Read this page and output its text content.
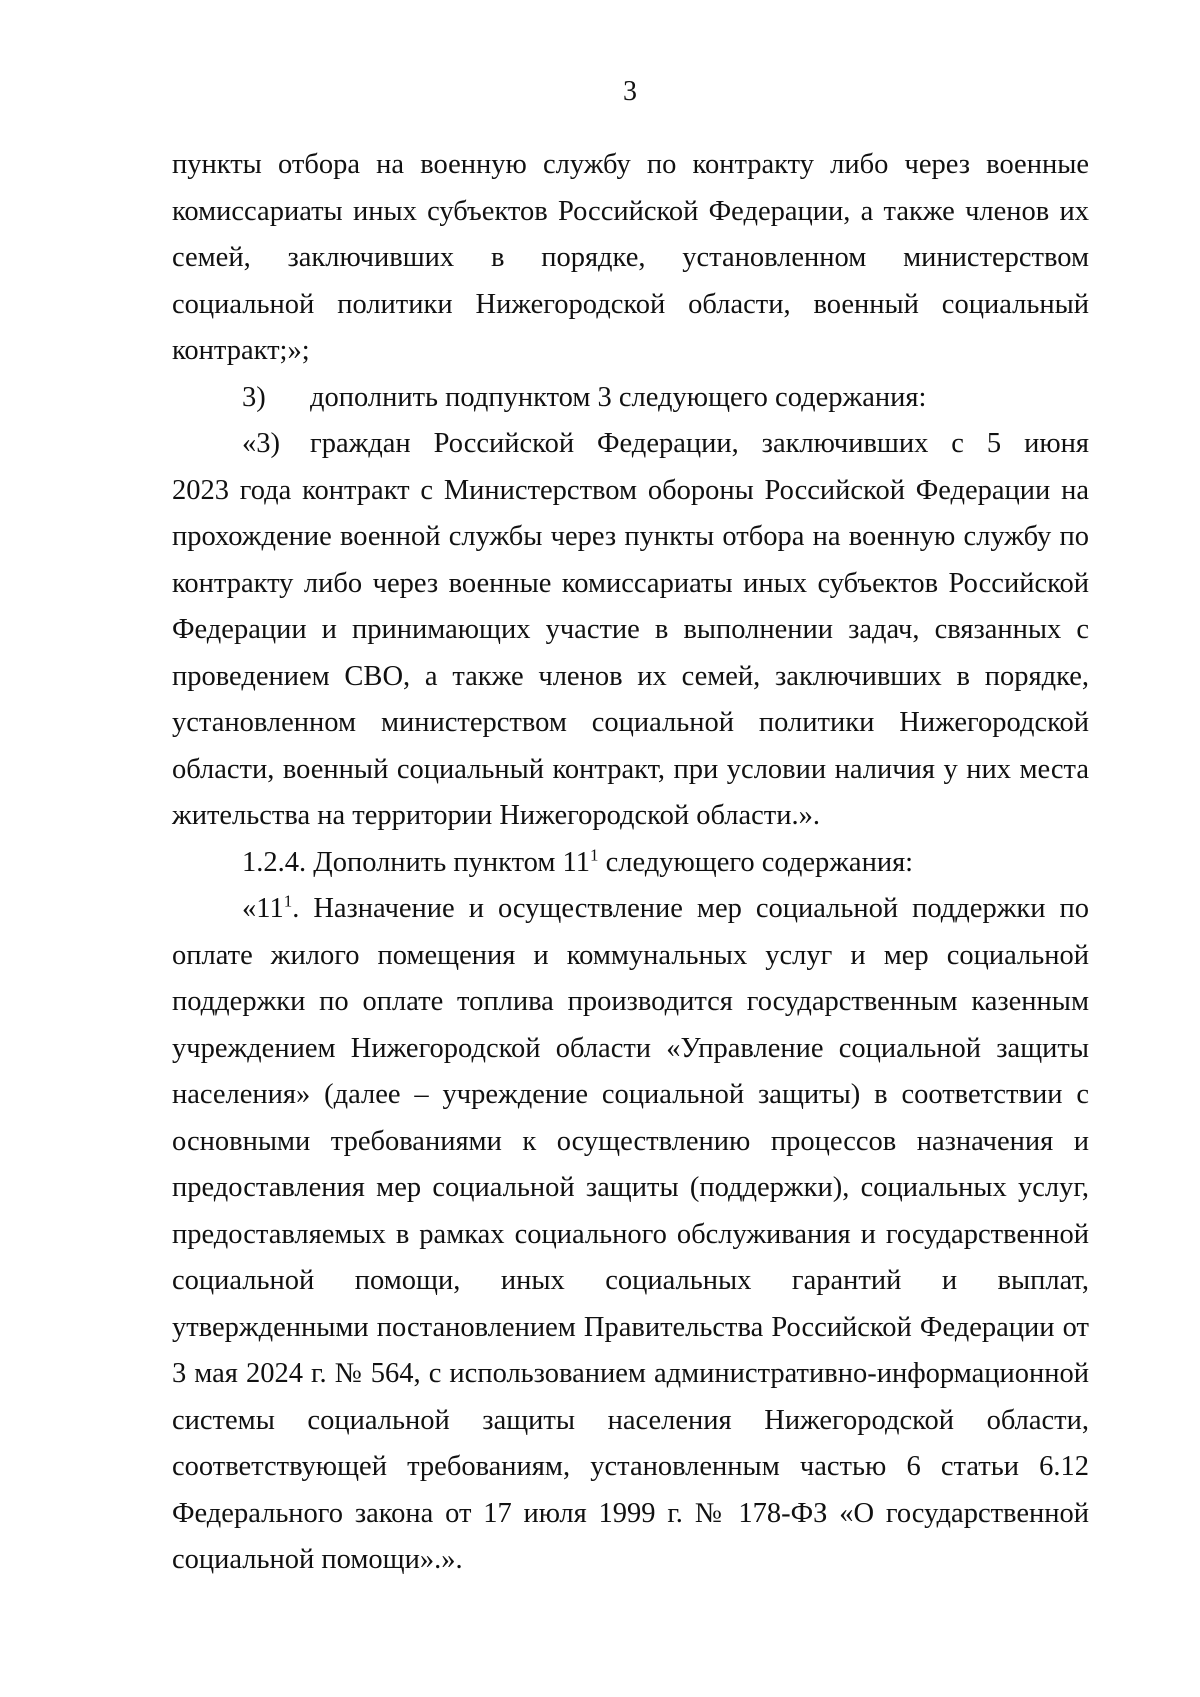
3

пункты отбора на военную службу по контракту либо через военные комиссариаты иных субъектов Российской Федерации, а также членов их семей, заключивших в порядке, установленном министерством социальной политики Нижегородской области, военный социальный контракт;»;

3)	дополнить подпунктом 3 следующего содержания:
«3)	граждан Российской Федерации, заключивших с 5 июня

2023 года контракт с Министерством обороны Российской Федерации на прохождение военной службы через пункты отбора на военную службу по контракту либо через военные комиссариаты иных субъектов Российской Федерации и принимающих участие в выполнении задач, связанных с проведением СВО, а также членов их семей, заключивших в порядке, установленном министерством социальной политики Нижегородской области, военный социальный контракт, при условии наличия у них места жительства на территории Нижегородской области.».

1.2.4. Дополнить пунктом $11^1$ следующего содержания:

«$11^1$. Назначение и осуществление мер социальной поддержки по оплате жилого помещения и коммунальных услуг и мер социальной поддержки по оплате топлива производится государственным казенным учреждением Нижегородской области «Управление социальной защиты населения» (далее – учреждение социальной защиты) в соответствии с основными требованиями к осуществлению процессов назначения и предоставления мер социальной защиты (поддержки), социальных услуг, предоставляемых в рамках социального обслуживания и государственной социальной помощи, иных социальных гарантий и выплат, утвержденными постановлением Правительства Российской Федерации от 3 мая 2024 г. № 564, с использованием административно-информационной системы социальной защиты населения Нижегородской области, соответствующей требованиям, установленным частью 6 статьи 6.12 Федерального закона от 17 июля 1999 г. № 178-ФЗ «О государственной социальной помощи».».
